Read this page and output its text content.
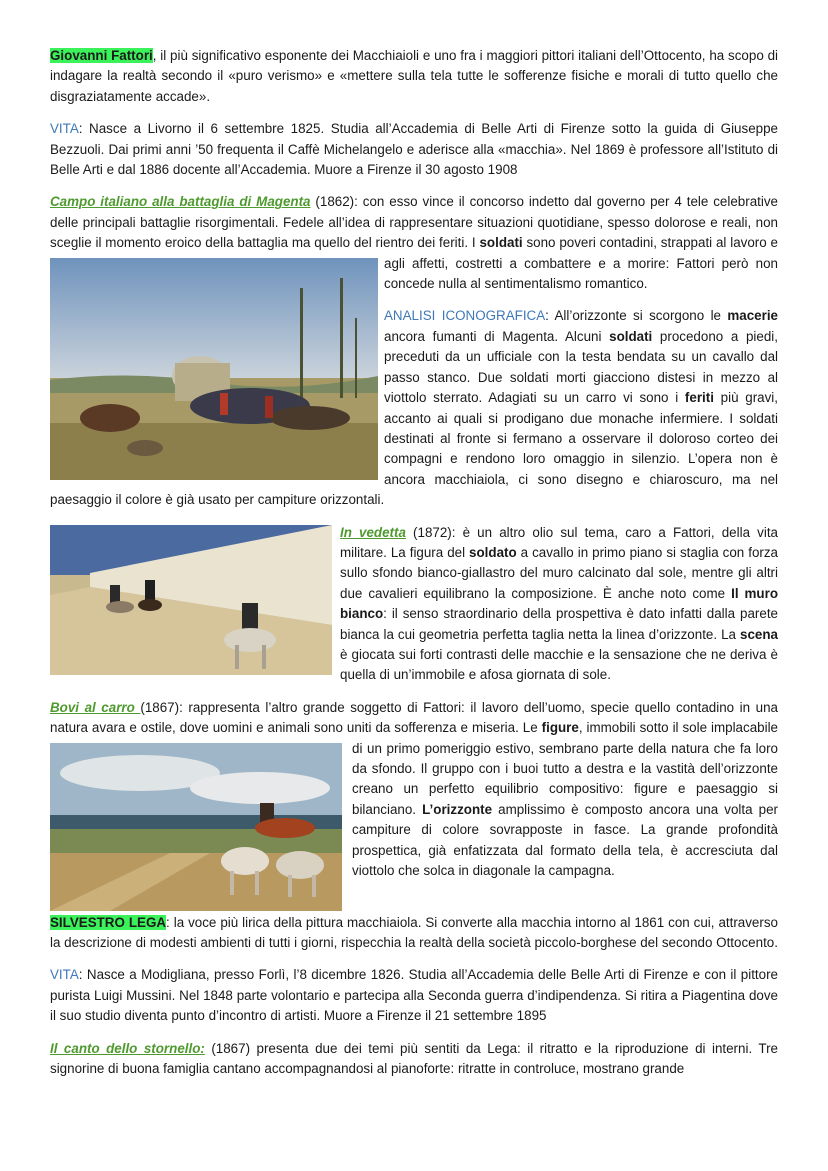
Giovanni Fattori, il più significativo esponente dei Macchiaioli e uno fra i maggiori pittori italiani dell’Ottocento, ha scopo di indagare la realtà secondo il «puro verismo» e «mettere sulla tela tutte le sofferenze fisiche e morali di tutto quello che disgraziatamente accade».

VITA: Nasce a Livorno il 6 settembre 1825. Studia all’Accademia di Belle Arti di Firenze sotto la guida di Giuseppe Bezzuoli. Dai primi anni ’50 frequenta il Caffè Michelangelo e aderisce alla «macchia». Nel 1869 è professore all’Istituto di Belle Arti e dal 1886 docente all’Accademia. Muore a Firenze il 30 agosto 1908

Campo italiano alla battaglia di Magenta (1862): con esso vince il concorso indetto dal governo per 4 tele celebrative delle principali battaglie risorgimentali. Fedele all’idea di rappresentare situazioni quotidiane, spesso dolorose e reali, non sceglie il momento eroico della battaglia ma quello del rientro dei feriti. I
soldati sono poveri contadini, strappati al lavoro e agli affetti, costretti a combattere e a morire: Fattori però non concede nulla al sentimentalismo romantico.

ANALISI ICONOGRAFICA: All’orizzonte si scorgono le macerie ancora fumanti di Magenta. Alcuni soldati procedono a piedi, preceduti da un ufficiale con la testa bendata su un cavallo dal passo stanco. Due soldati morti giacciono distesi in mezzo al viottolo sterrato. Adagiati su un carro vi sono i feriti più gravi, accanto ai quali si prodigano due monache infermiere. I soldati destinati al fronte si fermano a osservare il doloroso corteo dei compagni e rendono loro omaggio in silenzio. L’opera non è ancora macchiaiola, ci sono disegno e chiaroscuro, ma nel paesaggio il colore è già usato per campiture orizzontali.

In vedetta (1872): è un altro olio sul tema, caro a Fattori, della vita militare. La figura del soldato a cavallo in primo piano si staglia con forza sullo sfondo bianco-giallastro del muro calcinato dal sole, mentre gli altri due cavalieri equilibrano la composizione. È anche noto come Il muro bianco: il senso straordinario della prospettiva è dato infatti dalla parete bianca la cui geometria perfetta taglia netta la linea d’orizzonte. La scena è giocata sui forti contrasti delle macchie e la sensazione che ne deriva è quella di un’immobile e afosa giornata di sole.

Bovi al carro (1867): rappresenta l’altro grande soggetto di Fattori: il lavoro dell’uomo, specie quello contadino in una natura avara e ostile, dove uomini e animali sono uniti da sofferenza e miseria. Le
figure, immobili sotto il sole implacabile di un primo pomeriggio estivo, sembrano parte della natura che fa loro da sfondo. Il gruppo con i buoi tutto a destra e la vastità dell’orizzonte creano un perfetto equilibrio compositivo: figure e paesaggio si bilanciano. L’orizzonte amplissimo è composto ancora una volta per campiture di colore sovrapposte in fasce. La grande profondità prospettica, già enfatizzata dal formato della tela, è accresciuta dal viottolo che solca in diagonale la campagna.

SILVESTRO LEGA: la voce più lirica della pittura macchiaiola. Si converte alla macchia intorno al 1861 con cui, attraverso la descrizione di modesti ambienti di tutti i giorni, rispecchia la realtà della società piccolo-borghese del secondo Ottocento.

VITA: Nasce a Modigliana, presso Forlì, l’8 dicembre 1826. Studia all’Accademia delle Belle Arti di Firenze e con il pittore purista Luigi Mussini. Nel 1848 parte volontario e partecipa alla Seconda guerra d’indipendenza. Si ritira a Piagentina dove il suo studio diventa punto d’incontro di artisti. Muore a Firenze il 21 settembre 1895

Il canto dello stornello: (1867) presenta due dei temi più sentiti da Lega: il ritratto e la riproduzione di interni. Tre signorine di buona famiglia cantano accompagnandosi al pianoforte: ritratte in controluce, mostrano grande
